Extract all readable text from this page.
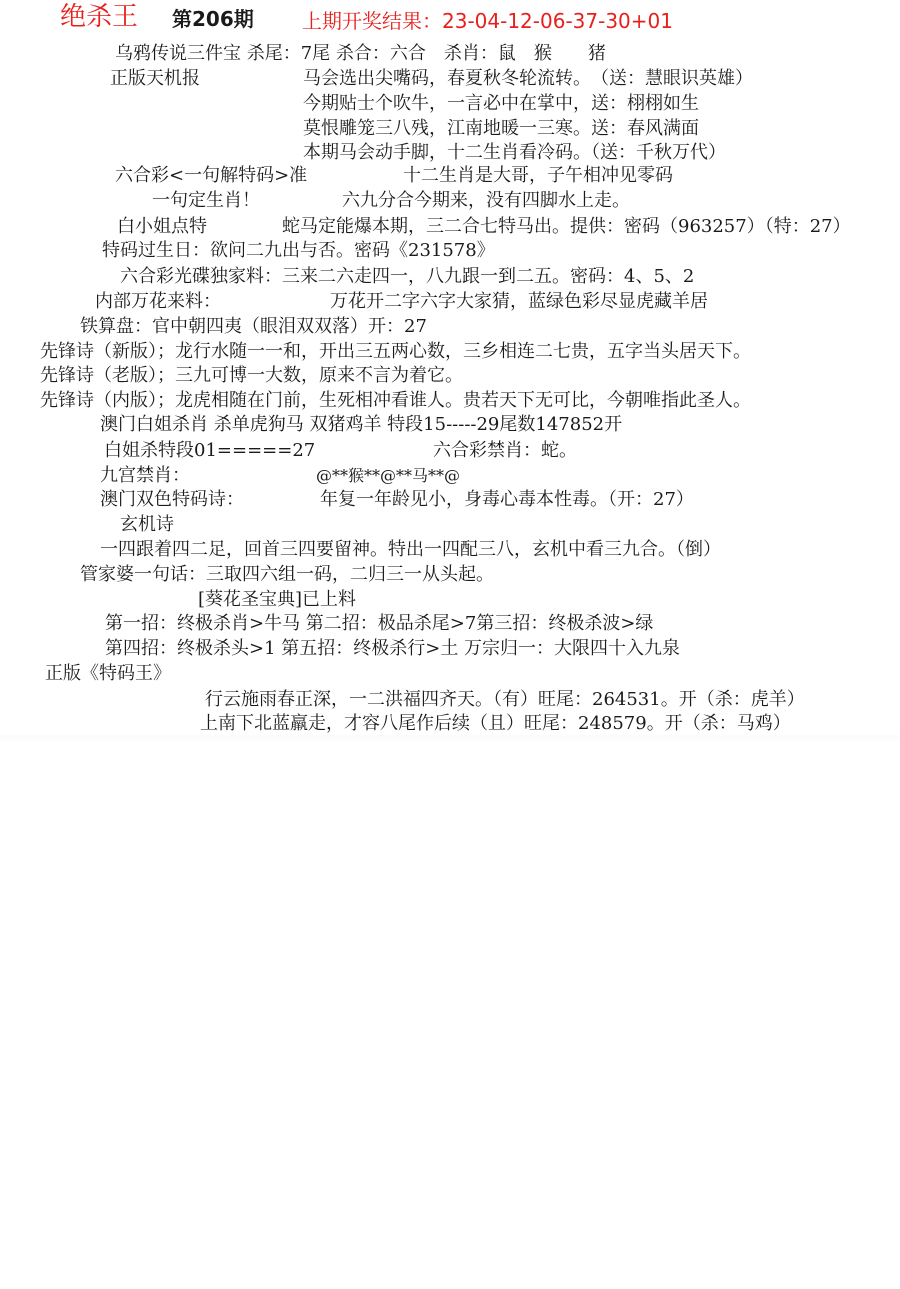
绝杀王 第206期 上期开奖结果：23-04-12-06-37-30+01
乌鸦传说三件宝 杀尾：7尾 杀合：六合　杀肖：鼠　猴　　猪
正版天机报	马会选出尖嘴码，春夏秋冬轮流转。　（送：慧眼识英雄）
今期贴士个吹牛，一言必中在掌中，送：栩栩如生
莫恨雕笼三八残，江南地暖一三寒。送：春风满面
本期马会动手脚，十二生肖看冷码。（送：千秋万代）
六合彩<一句解特码>准	十二生肖是大哥，子午相冲见零码
一句定生肖！	六九分合今期来，没有四脚水上走。
白小姐点特	蛇马定能爆本期，三二合七特马出。提供：密码（963257）（特：27）
特码过生日：欲问二九出与否。密码《231578》
六合彩光碟独家料：三来二六走四一，八九跟一到二五。密码：4、5、2
内部万花来料：	万花开二字六字大家猜，蓝绿色彩尽显虎藏羊居
铁算盘：官中朝四夷（眼泪双双落）开：27
先锋诗（新版）；龙行水随一一和，开出三五两心数，三乡相连二七贵，五字当头居天下。
先锋诗（老版）；三九可博一大数，原来不言为着它。
先锋诗（内版）；龙虎相随在门前，生死相冲看谁人。贵若天下无可比，今朝唯指此圣人。
澳门白姐杀肖 杀单虎狗马 双猪鸡羊 特段15-----29尾数147852开
白姐杀特段01=====27	六合彩禁肖：蛇。
九宫禁肖：	@**猴**@**马**@
澳门双色特码诗：	年复一年龄见小，身毒心毒本性毒。（开：27）
玄机诗
一四跟着四二足，回首三四要留神。特出一四配三八，玄机中看三九合。（倒）
管家婆一句话：三取四六组一码，二归三一从头起。
[葵花圣宝典]已上料
第一招：终极杀肖>牛马 第二招：极品杀尾>7第三招：终极杀波>绿
第四招：终极杀头>1 第五招：终极杀行>土 万宗归一：大限四十入九泉
正版《特码王》
行云施雨春正深，一二洪福四齐天。（有）旺尾：264531。开（杀：虎羊）
上南下北蓝羸走，才容八尾作后续（且）旺尾：248579。开（杀：马鸡）
